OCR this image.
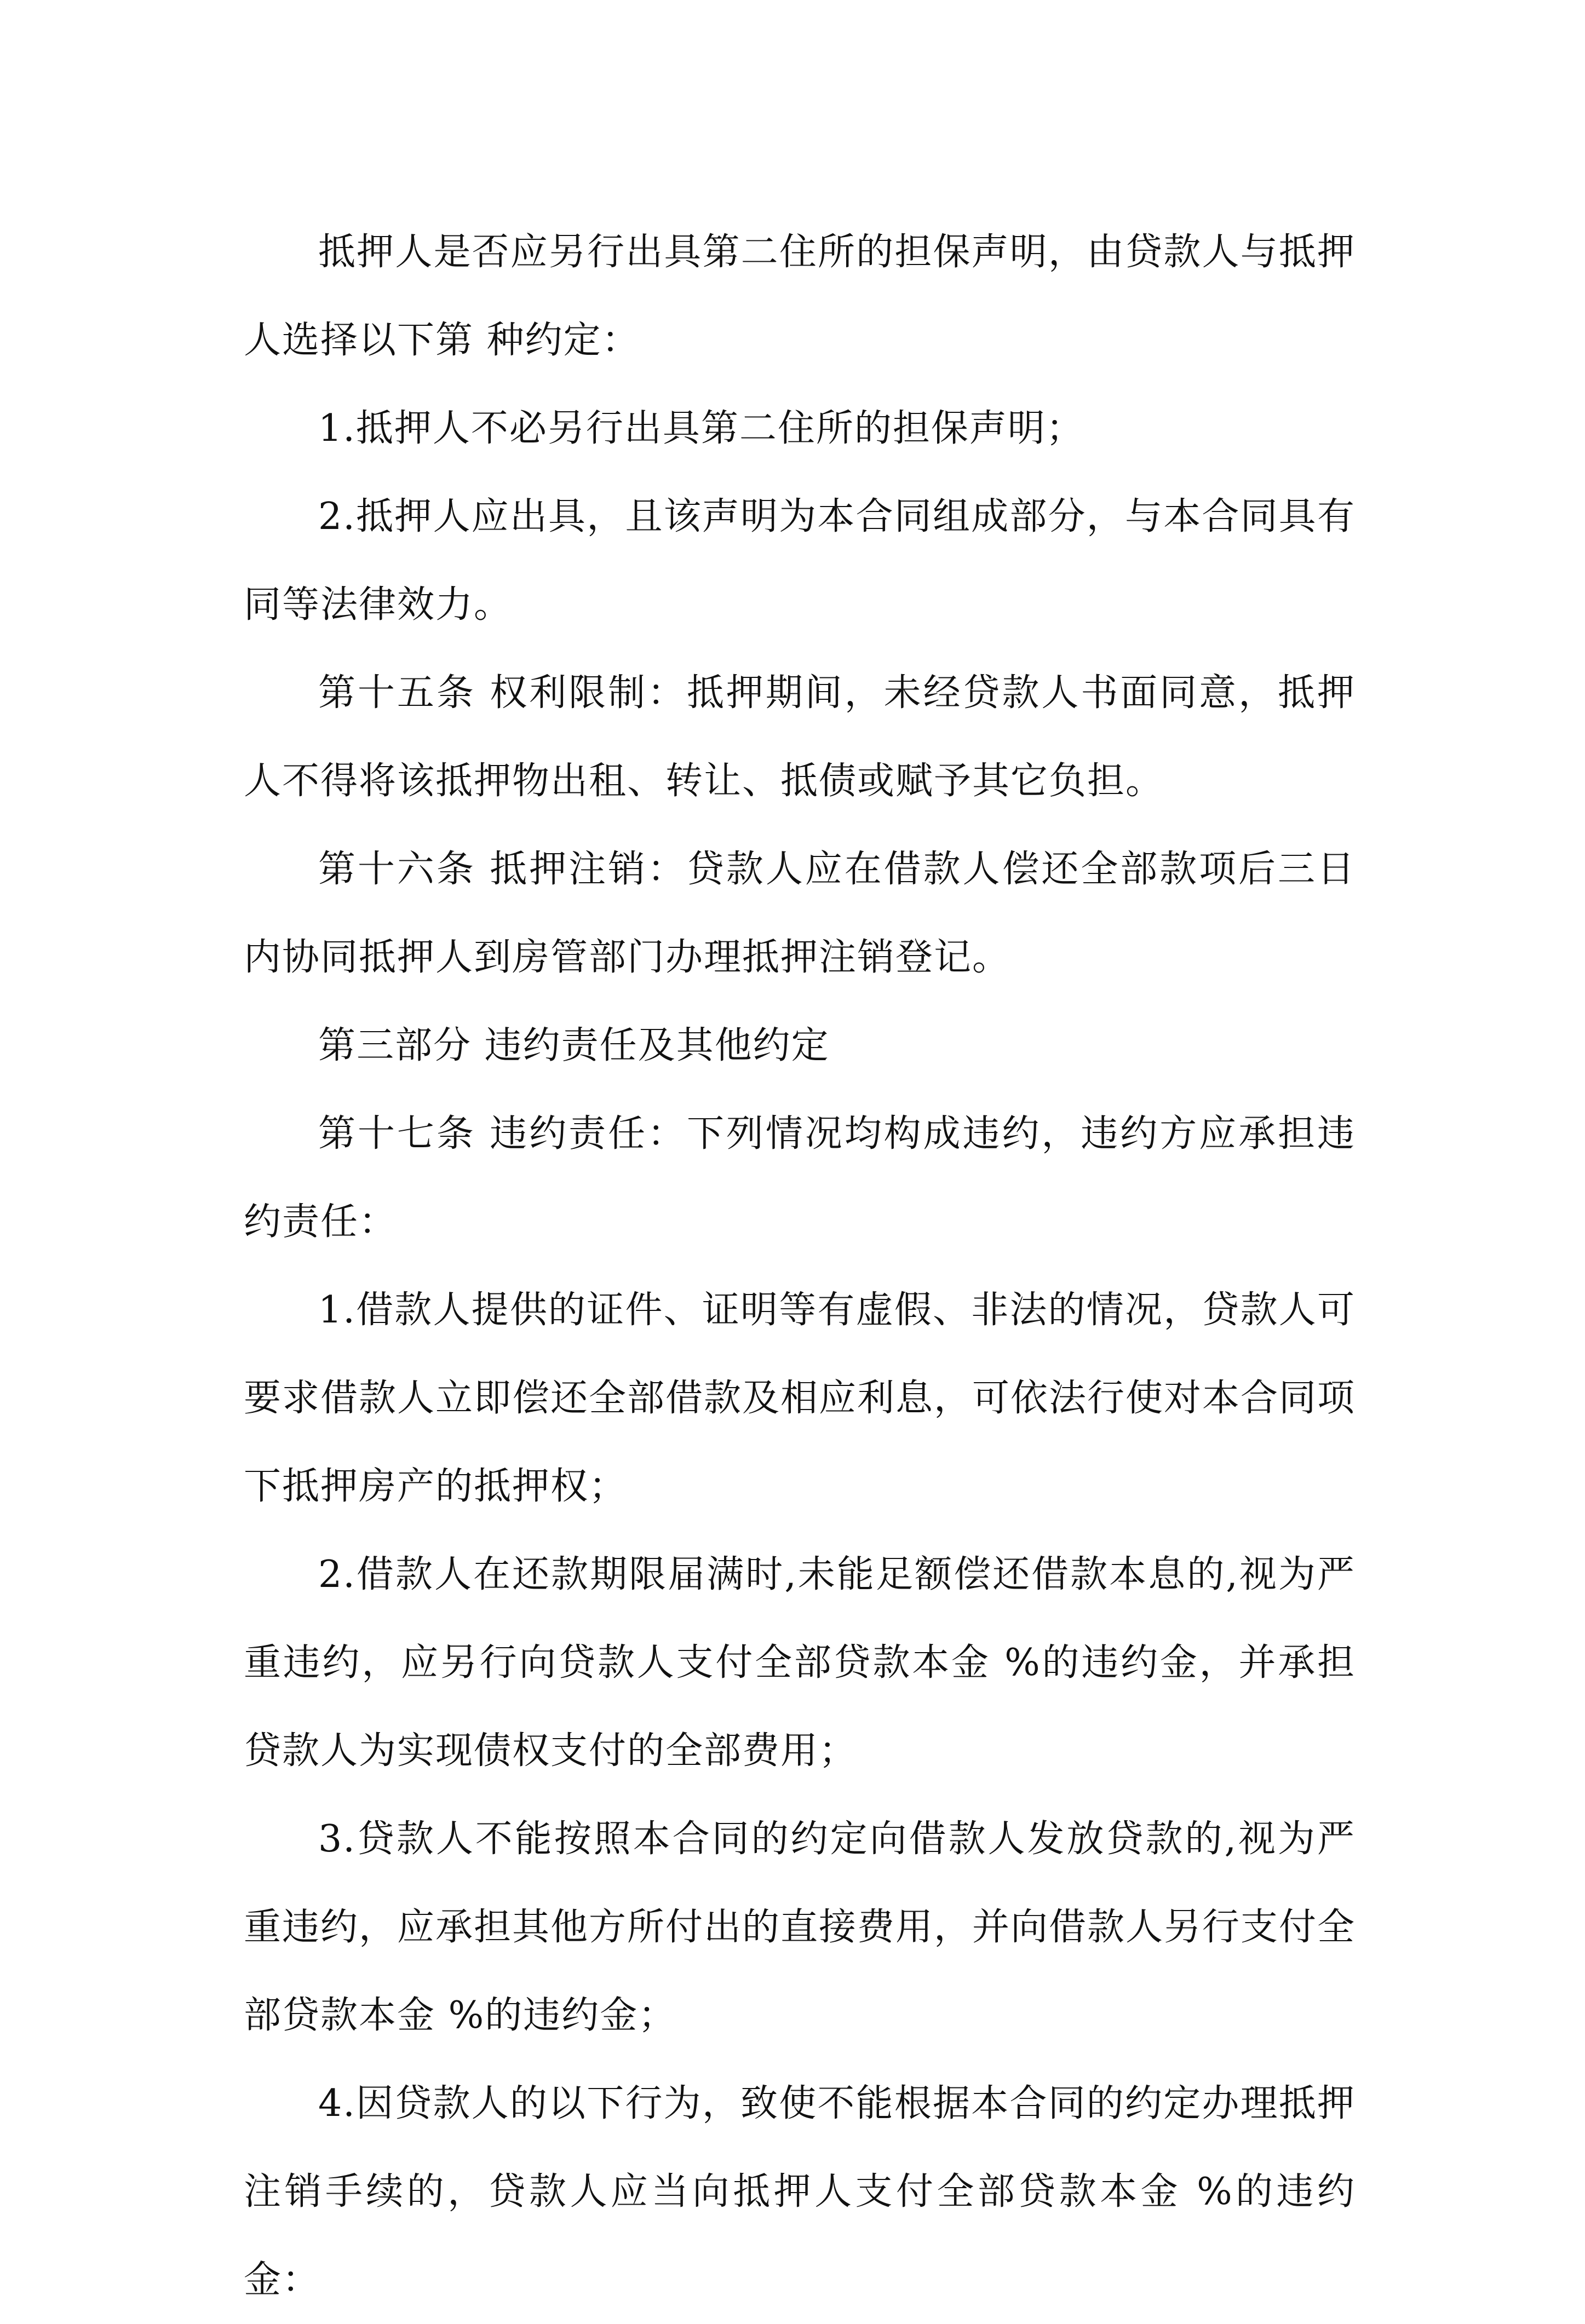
抵押人是否应另行出具第二住所的担保声明，由贷款人与抵押人选择以下第 种约定：

1.抵押人不必另行出具第二住所的担保声明；

2.抵押人应出具，且该声明为本合同组成部分，与本合同具有同等法律效力。

第十五条 权利限制：抵押期间，未经贷款人书面同意，抵押人不得将该抵押物出租、转让、抵债或赋予其它负担。

第十六条 抵押注销：贷款人应在借款人偿还全部款项后三日内协同抵押人到房管部门办理抵押注销登记。

第三部分 违约责任及其他约定

第十七条 违约责任：下列情况均构成违约，违约方应承担违约责任：

1.借款人提供的证件、证明等有虚假、非法的情况，贷款人可要求借款人立即偿还全部借款及相应利息，可依法行使对本合同项下抵押房产的抵押权；

2.借款人在还款期限届满时,未能足额偿还借款本息的,视为严重违约，应另行向贷款人支付全部贷款本金 %的违约金，并承担贷款人为实现债权支付的全部费用；

3.贷款人不能按照本合同的约定向借款人发放贷款的,视为严重违约，应承担其他方所付出的直接费用，并向借款人另行支付全部贷款本金 %的违约金；

4.因贷款人的以下行为，致使不能根据本合同的约定办理抵押注销手续的，贷款人应当向抵押人支付全部贷款本金 %的违约金：
